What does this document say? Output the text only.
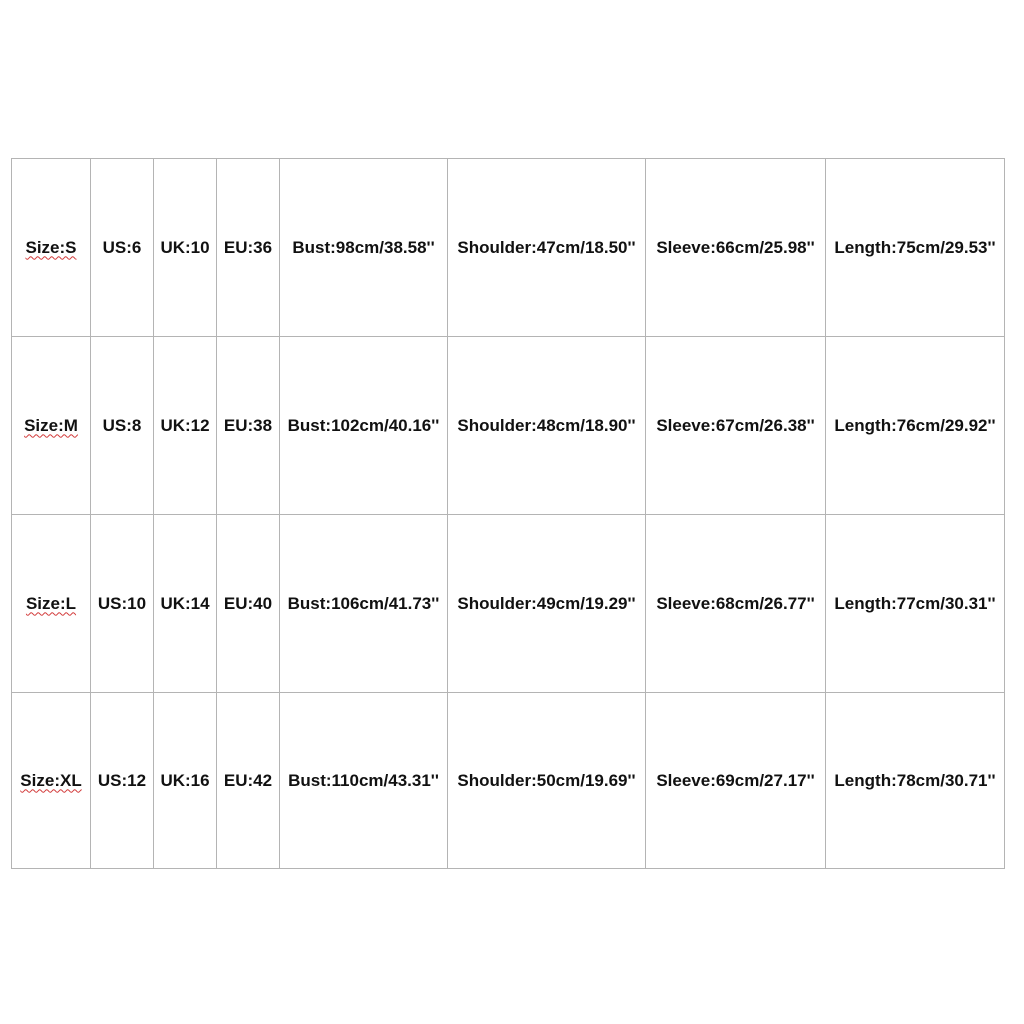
Size:S	US:6	UK:10	EU:36	Bust:98cm/38.58''	Shoulder:47cm/18.50''	Sleeve:66cm/25.98''	Length:75cm/29.53''
Size:M	US:8	UK:12	EU:38	Bust:102cm/40.16''	Shoulder:48cm/18.90''	Sleeve:67cm/26.38''	Length:76cm/29.92''
Size:L	US:10	UK:14	EU:40	Bust:106cm/41.73''	Shoulder:49cm/19.29''	Sleeve:68cm/26.77''	Length:77cm/30.31''
Size:XL	US:12	UK:16	EU:42	Bust:110cm/43.31''	Shoulder:50cm/19.69''	Sleeve:69cm/27.17''	Length:78cm/30.71''
